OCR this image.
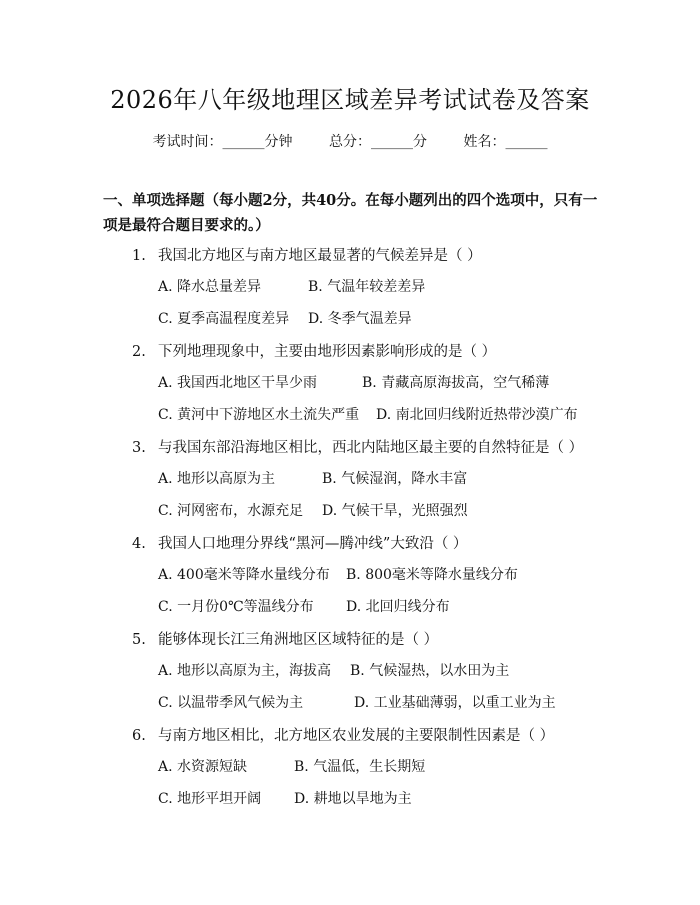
2026年八年级地理区域差异考试试卷及答案
考试时间：______分钟	总分：______分	姓名：______
一、单项选择题（每小题2分，共40分。在每小题列出的四个选项中，只有一项是最符合题目要求的。）
1. 我国北方地区与南方地区最显著的气候差异是（ ）
A. 降水总量差异	B. 气温年较差差异
C. 夏季高温程度差异 D. 冬季气温差异
2. 下列地理现象中，主要由地形因素影响形成的是（ ）
A. 我国西北地区干旱少雨	B. 青藏高原海拔高，空气稀薄
C. 黄河中下游地区水土流失严重 D. 南北回归线附近热带沙漠广布
3. 与我国东部沿海地区相比，西北内陆地区最主要的自然特征是（ ）
A. 地形以高原为主	B. 气候湿润，降水丰富
C. 河网密布，水源充足 D. 气候干旱，光照强烈
4. 我国人口地理分界线“黑河—腾冲线”大致沿（ ）
A. 400毫米等降水量线分布 B. 800毫米等降水量线分布
C. 一月份0℃等温线分布 D. 北回归线分布
5. 能够体现长江三角洲地区区域特征的是（ ）
A. 地形以高原为主，海拔高 B. 气候湿热，以水田为主
C. 以温带季风气候为主	D. 工业基础薄弱，以重工业为主
6. 与南方地区相比，北方地区农业发展的主要限制性因素是（ ）
A. 水资源短缺	B. 气温低，生长期短
C. 地形平坦开阔 D. 耕地以旱地为主
